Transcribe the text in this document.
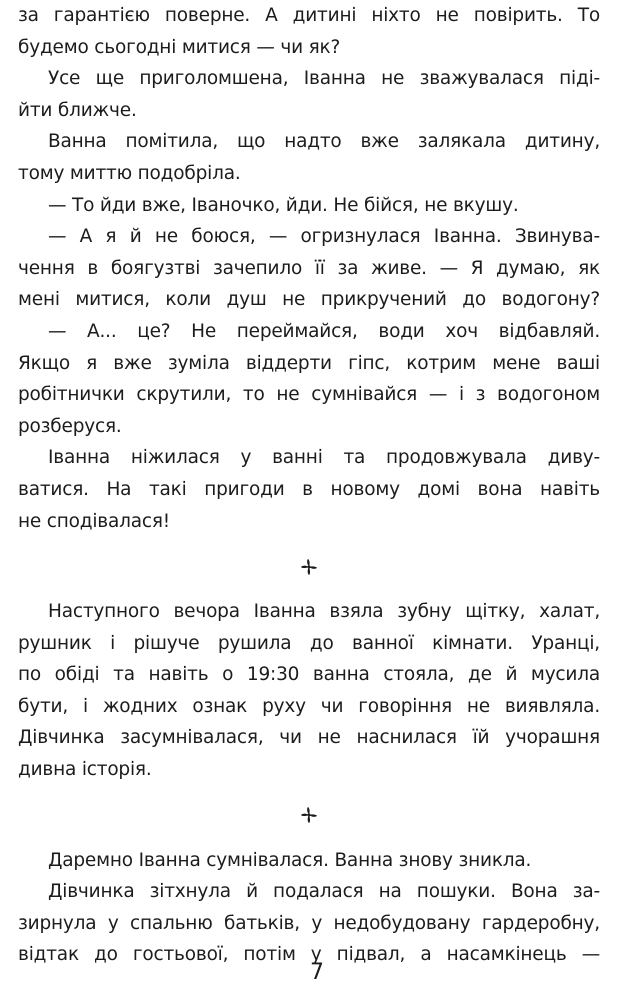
за гарантією поверне. А дитині ніхто не повірить. То
будемо сьогодні митися — чи як?

Усе ще приголомшена, Іванна не зважувалася піді-
йти ближче.

Ванна помітила, що надто вже залякала дитину,
тому миттю подобріла.

— То йди вже, Іваночко, йди. Не бійся, не вкушу.

— А я й не боюся, — огризнулася Іванна. Звинува-
чення в боягузтві зачепило її за живе. — Я думаю, як
мені митися, коли душ не прикручений до водогону?

— А... це? Не переймайся, води хоч відбавляй.
Якщо я вже зуміла віддерти гіпс, котрим мене ваші
робітнички скрутили, то не сумнівайся — і з водогоном
розберуся.

Іванна ніжилася у ванні та продовжувала диву-
ватися. На такі пригоди в новому домі вона навіть
не сподівалася!

Наступного вечора Іванна взяла зубну щітку, халат,
рушник і рішуче рушила до ванної кімнати. Уранці,
по обіді та навіть о 19:30 ванна стояла, де й мусила
бути, і жодних ознак руху чи говоріння не виявляла.
Дівчинка засумнівалася, чи не наснилася їй учорашня
дивна історія.

Даремно Іванна сумнівалася. Ванна знову зникла.

Дівчинка зітхнула й подалася на пошуки. Вона за-
зирнула у спальню батьків, у недобудовану гардеробну,
відтак до гостьової, потім у підвал, а насамкінець —

7
